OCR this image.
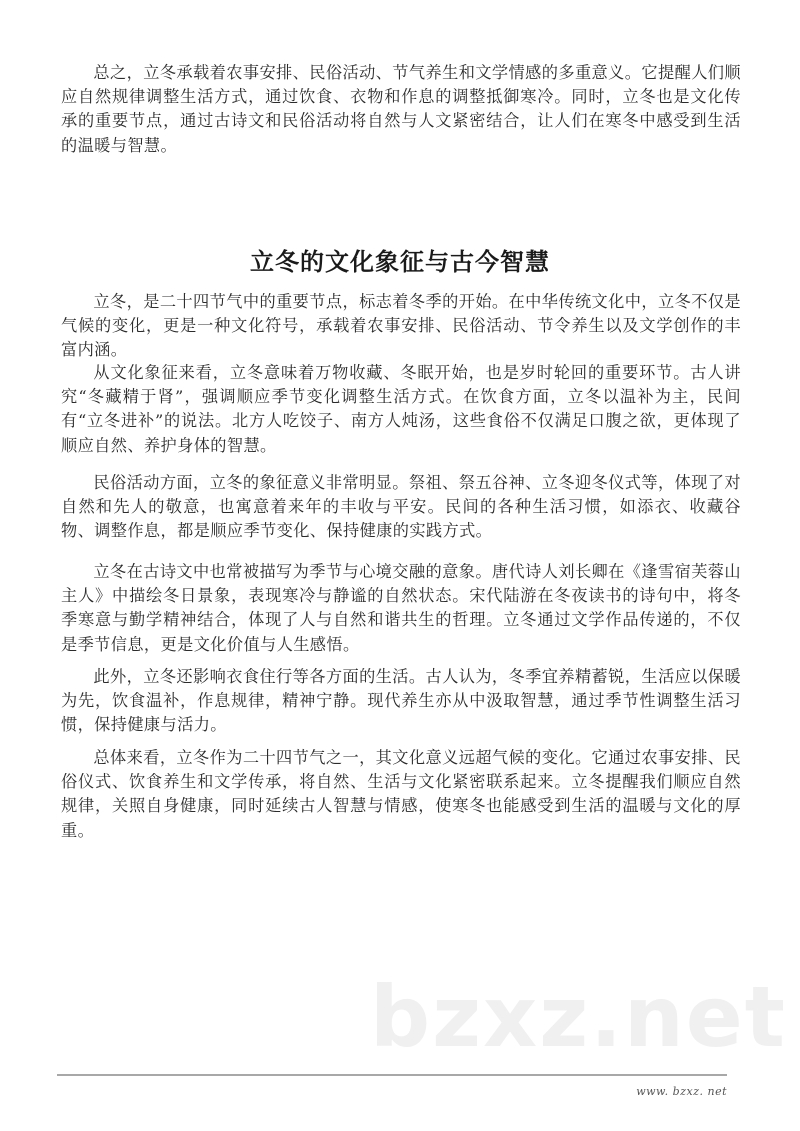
总之，立冬承载着农事安排、民俗活动、节气养生和文学情感的多重意义。它提醒人们顺应自然规律调整生活方式，通过饮食、衣物和作息的调整抵御寒冷。同时，立冬也是文化传承的重要节点，通过古诗文和民俗活动将自然与人文紧密结合，让人们在寒冬中感受到生活的温暖与智慧。

立冬的文化象征与古今智慧

立冬，是二十四节气中的重要节点，标志着冬季的开始。在中华传统文化中，立冬不仅是气候的变化，更是一种文化符号，承载着农事安排、民俗活动、节令养生以及文学创作的丰富内涵。

从文化象征来看，立冬意味着万物收藏、冬眠开始，也是岁时轮回的重要环节。古人讲究“冬藏精于肾”，强调顺应季节变化调整生活方式。在饮食方面，立冬以温补为主，民间有“立冬进补”的说法。北方人吃饺子、南方人炖汤，这些食俗不仅满足口腹之欲，更体现了顺应自然、养护身体的智慧。

民俗活动方面，立冬的象征意义非常明显。祭祖、祭五谷神、立冬迎冬仪式等，体现了对自然和先人的敬意，也寓意着来年的丰收与平安。民间的各种生活习惯，如添衣、收藏谷物、调整作息，都是顺应季节变化、保持健康的实践方式。

立冬在古诗文中也常被描写为季节与心境交融的意象。唐代诗人刘长卿在《逢雪宿芙蓉山主人》中描绘冬日景象，表现寒冷与静谧的自然状态。宋代陆游在冬夜读书的诗句中，将冬季寒意与勤学精神结合，体现了人与自然和谐共生的哲理。立冬通过文学作品传递的，不仅是季节信息，更是文化价值与人生感悟。

此外，立冬还影响衣食住行等各方面的生活。古人认为，冬季宜养精蓄锐，生活应以保暖为先，饮食温补，作息规律，精神宁静。现代养生亦从中汲取智慧，通过季节性调整生活习惯，保持健康与活力。

总体来看，立冬作为二十四节气之一，其文化意义远超气候的变化。它通过农事安排、民俗仪式、饮食养生和文学传承，将自然、生活与文化紧密联系起来。立冬提醒我们顺应自然规律，关照自身健康，同时延续古人智慧与情感，使寒冬也能感受到生活的温暖与文化的厚重。

bzxz.net
www. bzxz. net
